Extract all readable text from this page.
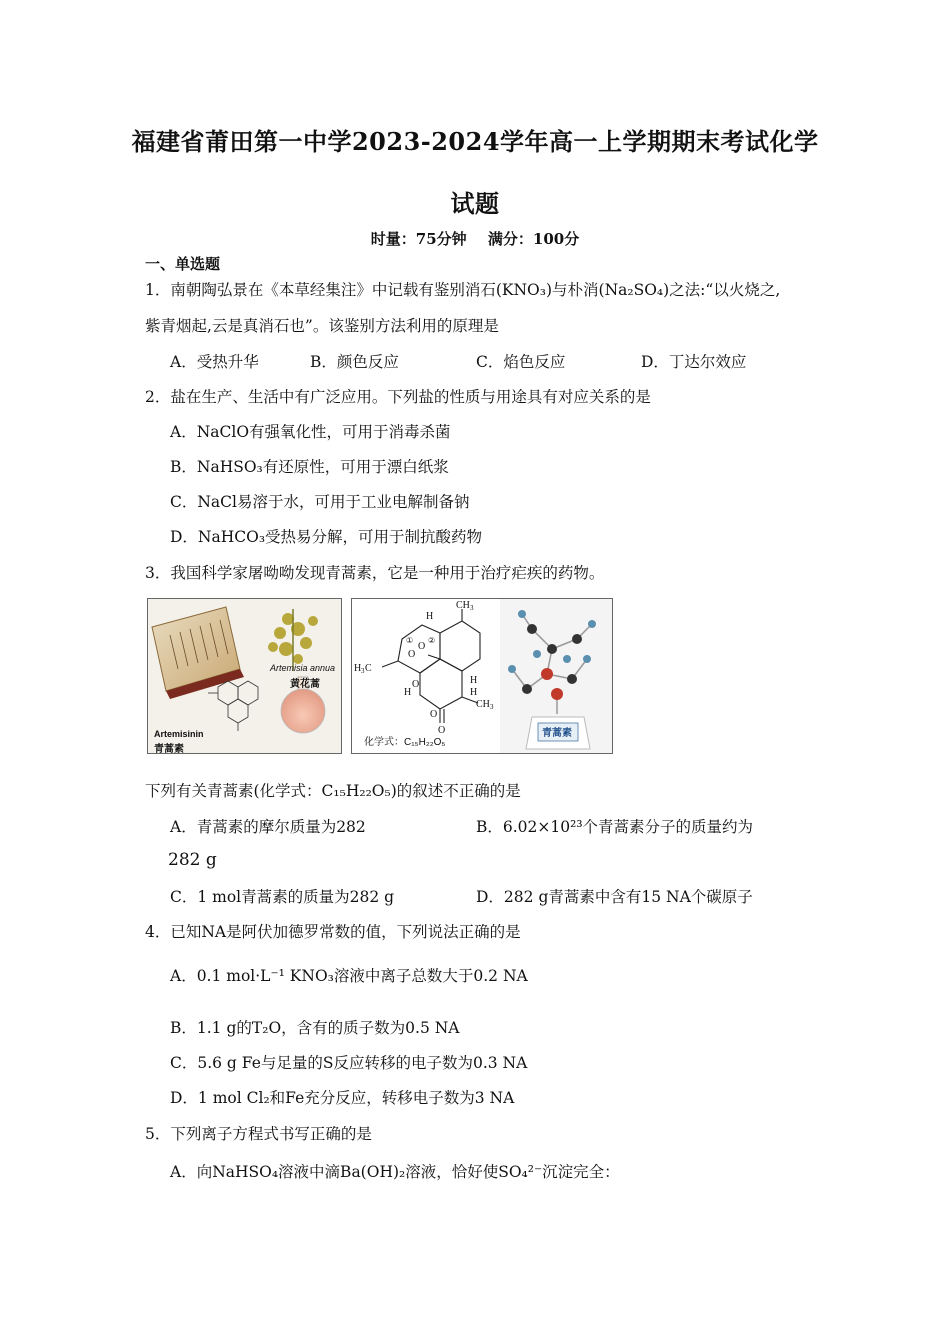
福建省莆田第一中学2023-2024学年高一上学期期末考试化学
试题
时量：75分钟 满分：100分
一、单选题
1．南朝陶弘景在《本草经集注》中记载有鉴别消石(KNO₃)与朴消(Na₂SO₄)之法:“以火烧之,
紫青烟起,云是真消石也”。该鉴别方法利用的原理是
A．受热升华	B．颜色反应	C．焰色反应	D．丁达尔效应
2．盐在生产、生活中有广泛应用。下列盐的性质与用途具有对应关系的是
A．NaClO有强氧化性，可用于消毒杀菌
B．NaHSO₃有还原性，可用于漂白纸浆
C．NaCl易溶于水，可用于工业电解制备钠
D．NaHCO₃受热易分解，可用于制抗酸药物
3．我国科学家屠呦呦发现青蒿素，它是一种用于治疗疟疾的药物。
Artemisia annua
黄花蒿
Artemisinin
青蒿素
CH 3
H 3 C
H
O
O
① ②
H
O
O
O
H
H
CH 3
化学式：C₁₅H₂₂O₅
青蒿素
下列有关青蒿素(化学式：C₁₅H₂₂O₅)的叙述不正确的是
A．青蒿素的摩尔质量为282	B．6.02×10²³个青蒿素分子的质量约为
282 g
C．1 mol青蒿素的质量为282 g	D．282 g青蒿素中含有15 NA个碳原子
4．已知NA是阿伏加德罗常数的值，下列说法正确的是
A．0.1 mol·L⁻¹ KNO₃溶液中离子总数大于0.2 NA
B．1.1 g的T₂O，含有的质子数为0.5 NA
C．5.6 g Fe与足量的S反应转移的电子数为0.3 NA
D．1 mol Cl₂和Fe充分反应，转移电子数为3 NA
5．下列离子方程式书写正确的是
A．向NaHSO₄溶液中滴Ba(OH)₂溶液，恰好使SO₄²⁻沉淀完全：
